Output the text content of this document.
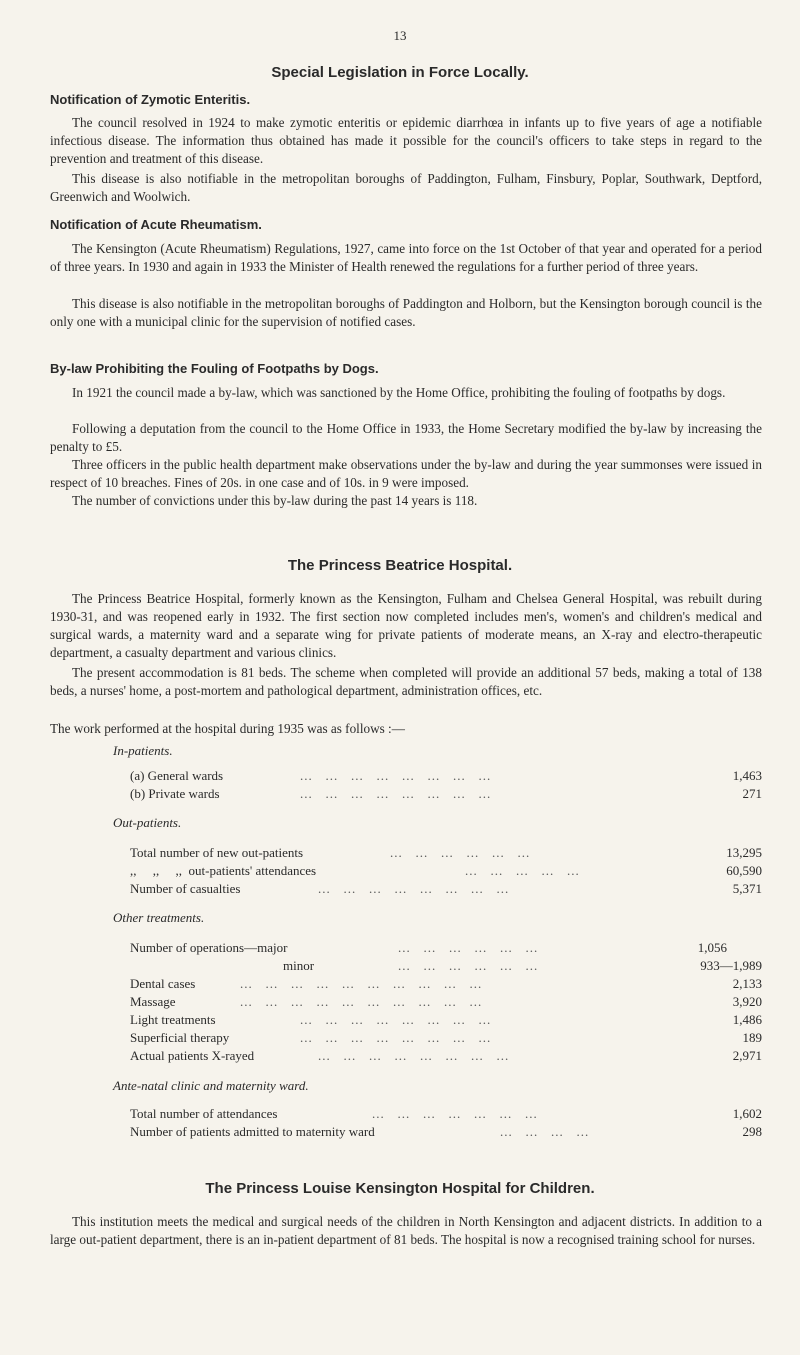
13
Special Legislation in Force Locally.
Notification of Zymotic Enteritis.
The council resolved in 1924 to make zymotic enteritis or epidemic diarrhœa in infants up to five years of age a notifiable infectious disease. The information thus obtained has made it possible for the council's officers to take steps in regard to the prevention and treatment of this disease.
This disease is also notifiable in the metropolitan boroughs of Paddington, Fulham, Finsbury, Poplar, Southwark, Deptford, Greenwich and Woolwich.
Notification of Acute Rheumatism.
The Kensington (Acute Rheumatism) Regulations, 1927, came into force on the 1st October of that year and operated for a period of three years. In 1930 and again in 1933 the Minister of Health renewed the regulations for a further period of three years.
This disease is also notifiable in the metropolitan boroughs of Paddington and Holborn, but the Kensington borough council is the only one with a municipal clinic for the supervision of notified cases.
By-law Prohibiting the Fouling of Footpaths by Dogs.
In 1921 the council made a by-law, which was sanctioned by the Home Office, prohibiting the fouling of footpaths by dogs.
Following a deputation from the council to the Home Office in 1933, the Home Secretary modified the by-law by increasing the penalty to £5.
Three officers in the public health department make observations under the by-law and during the year summonses were issued in respect of 10 breaches. Fines of 20s. in one case and of 10s. in 9 were imposed.
The number of convictions under this by-law during the past 14 years is 118.
The Princess Beatrice Hospital.
The Princess Beatrice Hospital, formerly known as the Kensington, Fulham and Chelsea General Hospital, was rebuilt during 1930-31, and was reopened early in 1932. The first section now completed includes men's, women's and children's medical and surgical wards, a maternity ward and a separate wing for private patients of moderate means, an X-ray and electro-therapeutic department, a casualty department and various clinics.
The present accommodation is 81 beds. The scheme when completed will provide an additional 57 beds, making a total of 138 beds, a nurses' home, a post-mortem and pathological department, administration offices, etc.
The work performed at the hospital during 1935 was as follows :—
In-patients.
(a) General wards	...   ...   ...   ...   ...   ...   ...   ...	1,463
(b) Private wards	...   ...   ...   ...   ...   ...   ...   ...	271
Out-patients.
Total number of new out-patients	...   ...   ...   ...   ...   ...	13,295
,,     ,,     ,,  out-patients' attendances	...   ...   ...   ...   ...	60,590
Number of casualties	...   ...   ...   ...   ...   ...   ...   ...	5,371
Other treatments.
Number of operations—major	...   ...   ...   ...   ...   ...	1,056
minor	...   ...   ...   ...   ...   ...	933—1,989
Dental cases	...   ...   ...   ...   ...   ...   ...   ...   ...   ...	2,133
Massage	...   ...   ...   ...   ...   ...   ...   ...   ...   ...	3,920
Light treatments	...   ...   ...   ...   ...   ...   ...   ...	1,486
Superficial therapy	...   ...   ...   ...   ...   ...   ...   ...	189
Actual patients X-rayed	...   ...   ...   ...   ...   ...   ...   ...	2,971
Ante-natal clinic and maternity ward.
Total number of attendances	...   ...   ...   ...   ...   ...   ...	1,602
Number of patients admitted to maternity ward	...   ...   ...   ...	298
The Princess Louise Kensington Hospital for Children.
This institution meets the medical and surgical needs of the children in North Kensington and adjacent districts. In addition to a large out-patient department, there is an in-patient department of 81 beds. The hospital is now a recognised training school for nurses.
